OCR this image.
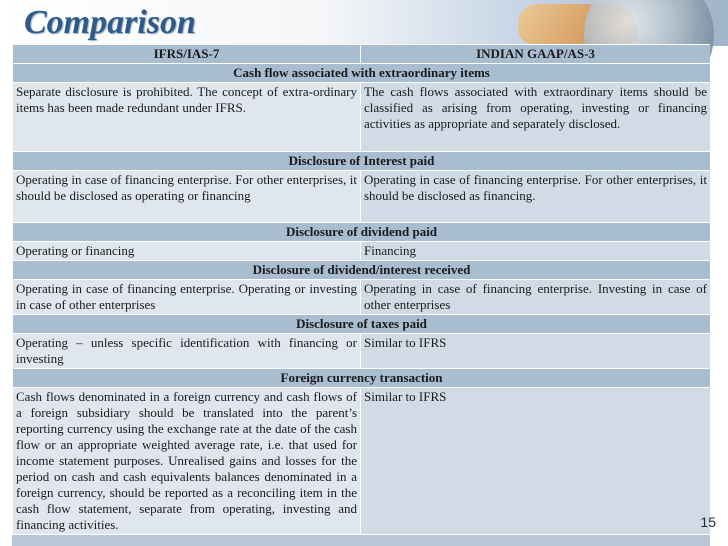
Comparison
IFRS/IAS-7	INDIAN GAAP/AS-3
Cash flow associated with extraordinary items	
Separate disclosure is prohibited. The concept of extra-ordinary items has been made redundant under IFRS.	The cash flows associated with extraordinary items should be classified as arising from operating, investing or financing activities as appropriate and separately disclosed.
Disclosure of Interest paid	
Operating in case of financing enterprise. For other enterprises, it should be disclosed as operating or financing	Operating in case of financing enterprise. For other enterprises, it should be disclosed as financing.
Disclosure of dividend paid	
Operating or financing	Financing
Disclosure of dividend/interest received	
Operating in case of financing enterprise. Operating or investing in case of other enterprises	Operating in case of financing enterprise. Investing in case of other enterprises
Disclosure of taxes paid	
Operating – unless specific identification with financing or investing	Similar to IFRS
Foreign currency transaction	
Cash flows denominated in a foreign currency and cash flows of a foreign subsidiary should be translated into the parent’s reporting currency using the exchange rate at the date of the cash flow or an appropriate weighted average rate, i.e. that used for income statement purposes. Unrealised gains and losses for the period on cash and cash equivalents balances denominated in a foreign currency, should be reported as a reconciling item in the cash flow statement, separate from operating, investing and financing activities.	Similar to IFRS
15
